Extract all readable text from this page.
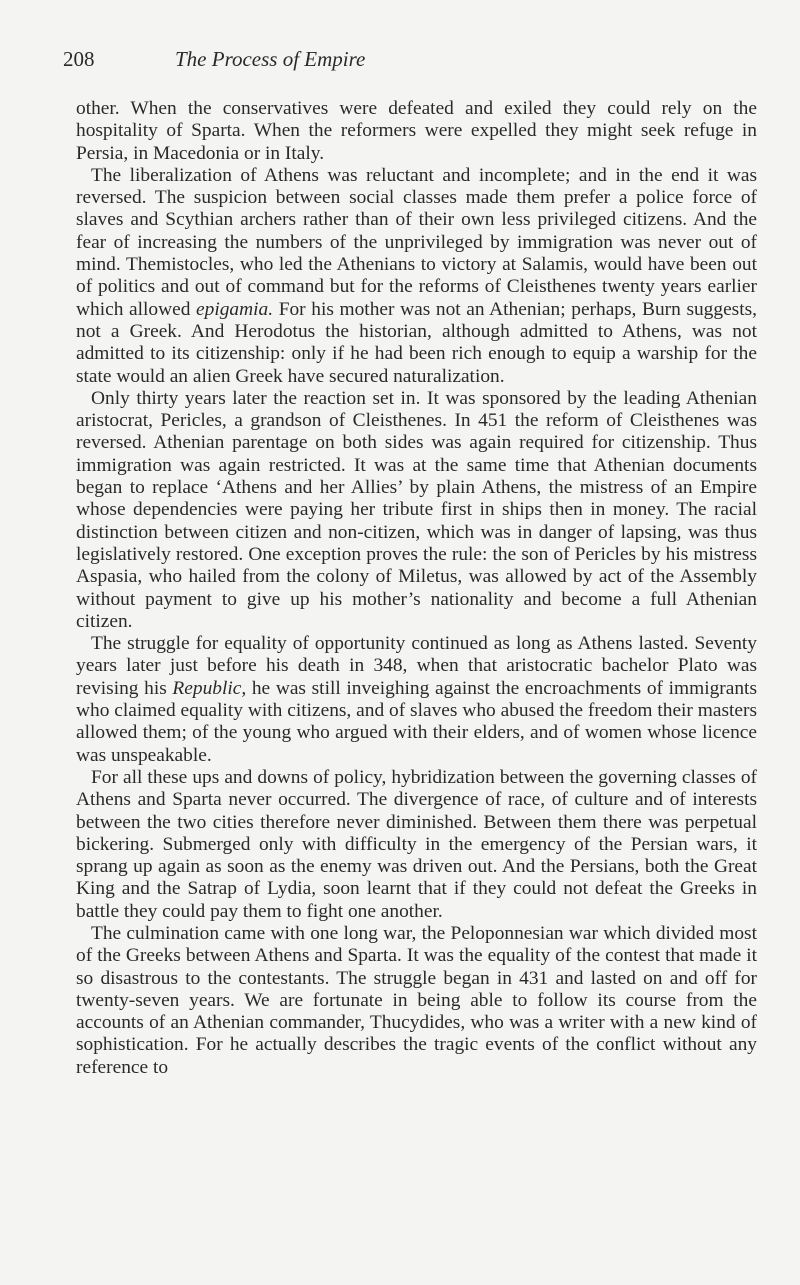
208	The Process of Empire

other. When the conservatives were defeated and exiled they could rely on the hospitality of Sparta. When the reformers were expelled they might seek refuge in Persia, in Macedonia or in Italy.

The liberalization of Athens was reluctant and incomplete; and in the end it was reversed. The suspicion between social classes made them prefer a police force of slaves and Scythian archers rather than of their own less privileged citizens. And the fear of increasing the numbers of the unprivileged by immigration was never out of mind. Themistocles, who led the Athenians to victory at Salamis, would have been out of politics and out of command but for the reforms of Cleisthenes twenty years earlier which allowed epigamia. For his mother was not an Athenian; perhaps, Burn suggests, not a Greek. And Herodotus the historian, although admitted to Athens, was not admitted to its citizenship: only if he had been rich enough to equip a warship for the state would an alien Greek have secured naturalization.

Only thirty years later the reaction set in. It was sponsored by the leading Athenian aristocrat, Pericles, a grandson of Cleisthenes. In 451 the reform of Cleisthenes was reversed. Athenian parentage on both sides was again required for citizenship. Thus immigration was again restricted. It was at the same time that Athenian documents began to replace ‘Athens and her Allies’ by plain Athens, the mistress of an Empire whose dependencies were paying her tribute first in ships then in money. The racial distinction between citizen and non-citizen, which was in danger of lapsing, was thus legislatively restored. One exception proves the rule: the son of Pericles by his mistress Aspasia, who hailed from the colony of Miletus, was allowed by act of the Assembly without payment to give up his mother’s nationality and become a full Athenian citizen.

The struggle for equality of opportunity continued as long as Athens lasted. Seventy years later just before his death in 348, when that aristocratic bachelor Plato was revising his Republic, he was still inveighing against the encroachments of immigrants who claimed equality with citizens, and of slaves who abused the freedom their masters allowed them; of the young who argued with their elders, and of women whose licence was unspeakable.

For all these ups and downs of policy, hybridization between the governing classes of Athens and Sparta never occurred. The divergence of race, of culture and of interests between the two cities therefore never diminished. Between them there was perpetual bickering. Submerged only with difficulty in the emergency of the Persian wars, it sprang up again as soon as the enemy was driven out. And the Persians, both the Great King and the Satrap of Lydia, soon learnt that if they could not defeat the Greeks in battle they could pay them to fight one another.

The culmination came with one long war, the Peloponnesian war which divided most of the Greeks between Athens and Sparta. It was the equality of the contest that made it so disastrous to the contestants. The struggle began in 431 and lasted on and off for twenty-seven years. We are fortunate in being able to follow its course from the accounts of an Athenian commander, Thucydides, who was a writer with a new kind of sophistication. For he actually describes the tragic events of the conflict without any reference to
